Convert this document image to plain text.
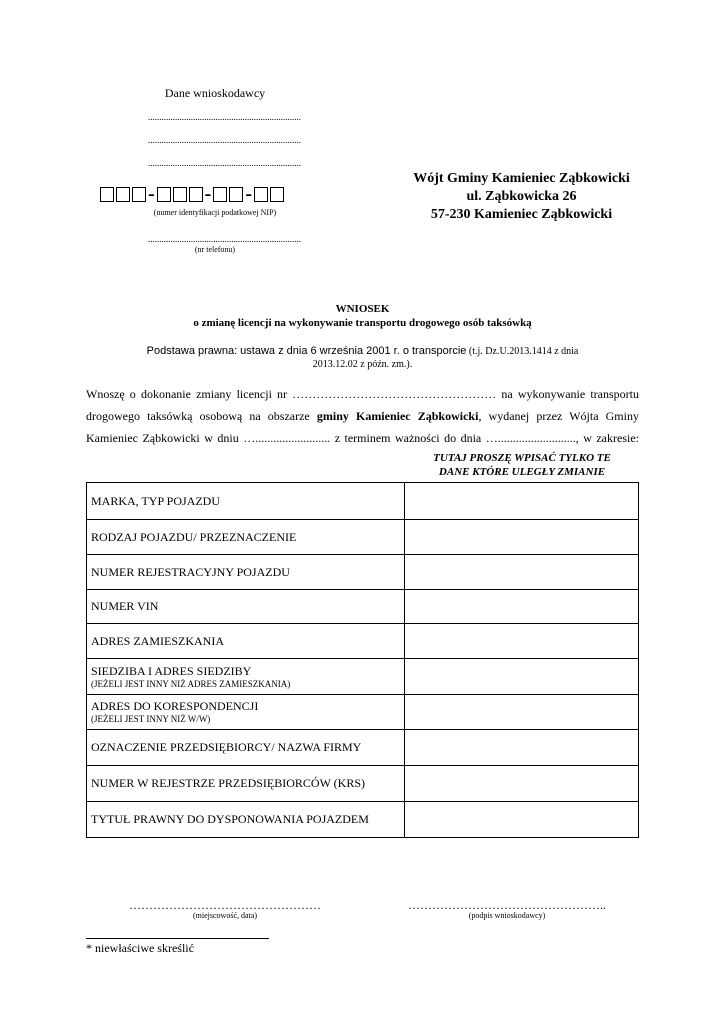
Dane wnioskodawcy
....................................................................
....................................................................
....................................................................
-	- -
(numer identyfikacji podatkowej NIP)
....................................................................
(nr telefonu)
Wójt Gminy Kamieniec Ząbkowicki
ul. Ząbkowicka 26
57-230 Kamieniec Ząbkowicki
WNIOSEK
o zmianę licencji na wykonywanie transportu drogowego osób taksówką
Podstawa prawna: ustawa z dnia 6 września 2001 r. o transporcie (t.j. Dz.U.2013.1414 z dnia
2013.12.02 z późn. zm.).
Wnoszę o dokonanie zmiany licencji nr …………………………………………… na wykonywanie transportu
drogowego taksówką osobową na obszarze gminy Kamieniec Ząbkowicki, wydanej przez Wójta Gminy
Kamieniec Ząbkowicki w dniu …......................... z terminem ważności do dnia ….........................., w zakresie:
TUTAJ PROSZĘ WPISAĆ TYLKO TE
DANE KTÓRE ULEGŁY ZMIANIE
MARKA, TYP POJAZDU	
RODZAJ POJAZDU/ PRZEZNACZENIE	
NUMER REJESTRACYJNY POJAZDU	
NUMER VIN	
ADRES ZAMIESZKANIA	
SIEDZIBA I ADRES SIEDZIBY
(JEŻELI JEST INNY NIŻ ADRES ZAMIESZKANIA)	

ADRES DO KORESPONDENCJI
(JEŻELI JEST INNY NIŻ W/W)	

OZNACZENIE PRZEDSIĘBIORCY/ NAZWA FIRMY	
NUMER W REJESTRZE PRZEDSIĘBIORCÓW (KRS)	
TYTUŁ PRAWNY DO DYSPONOWANIA POJAZDEM	
…………………………………………
(miejscowość, data)
…………………………………………..
(podpis wnioskodawcy)
* niewłaściwe skreślić
